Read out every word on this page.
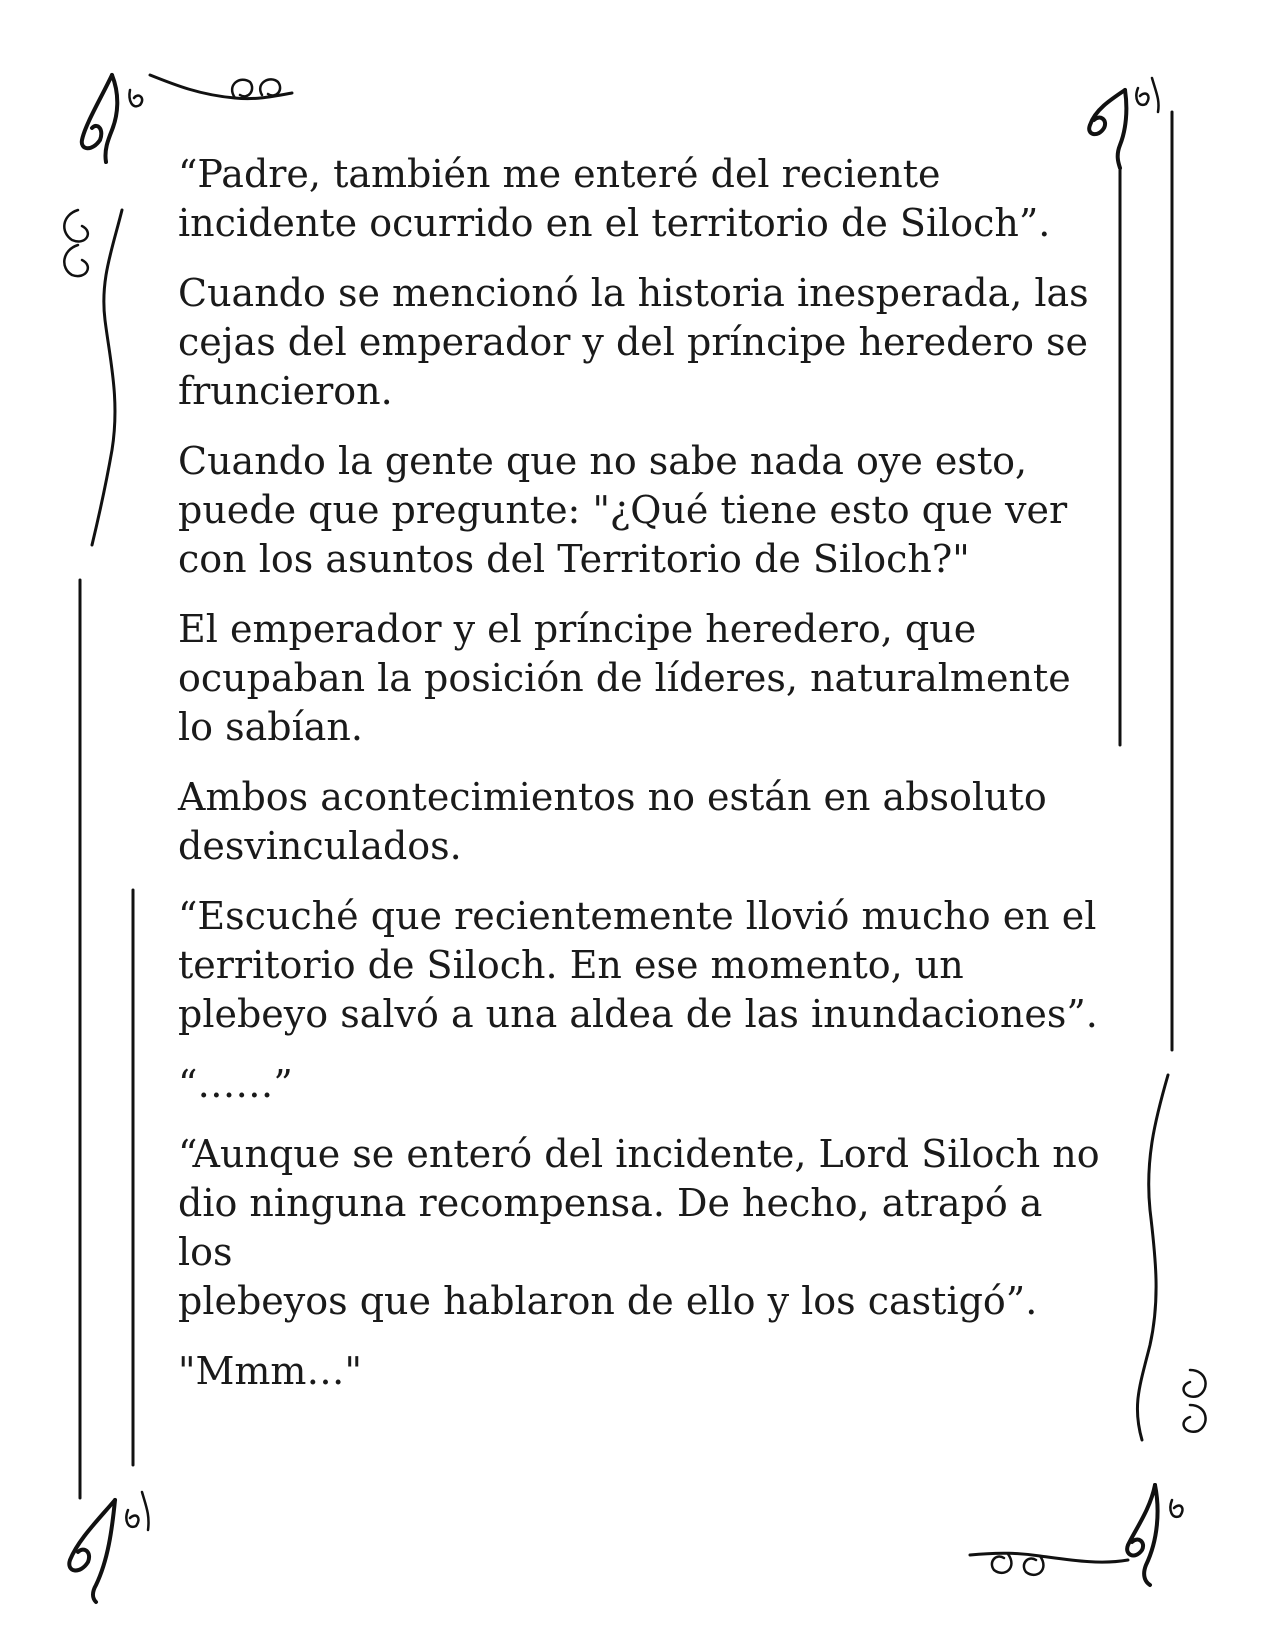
“Padre, también me enteré del reciente
incidente ocurrido en el territorio de Siloch”.

Cuando se mencionó la historia inesperada, las
cejas del emperador y del príncipe heredero se
fruncieron.

Cuando la gente que no sabe nada oye esto,
puede que pregunte: "¿Qué tiene esto que ver
con los asuntos del Territorio de Siloch?"

El emperador y el príncipe heredero, que
ocupaban la posición de líderes, naturalmente
lo sabían.

Ambos acontecimientos no están en absoluto
desvinculados.

“Escuché que recientemente llovió mucho en el
territorio de Siloch. En ese momento, un
plebeyo salvó a una aldea de las inundaciones”.

“……”

“Aunque se enteró del incidente, Lord Siloch no
dio ninguna recompensa. De hecho, atrapó a los
plebeyos que hablaron de ello y los castigó”.

"Mmm…"
